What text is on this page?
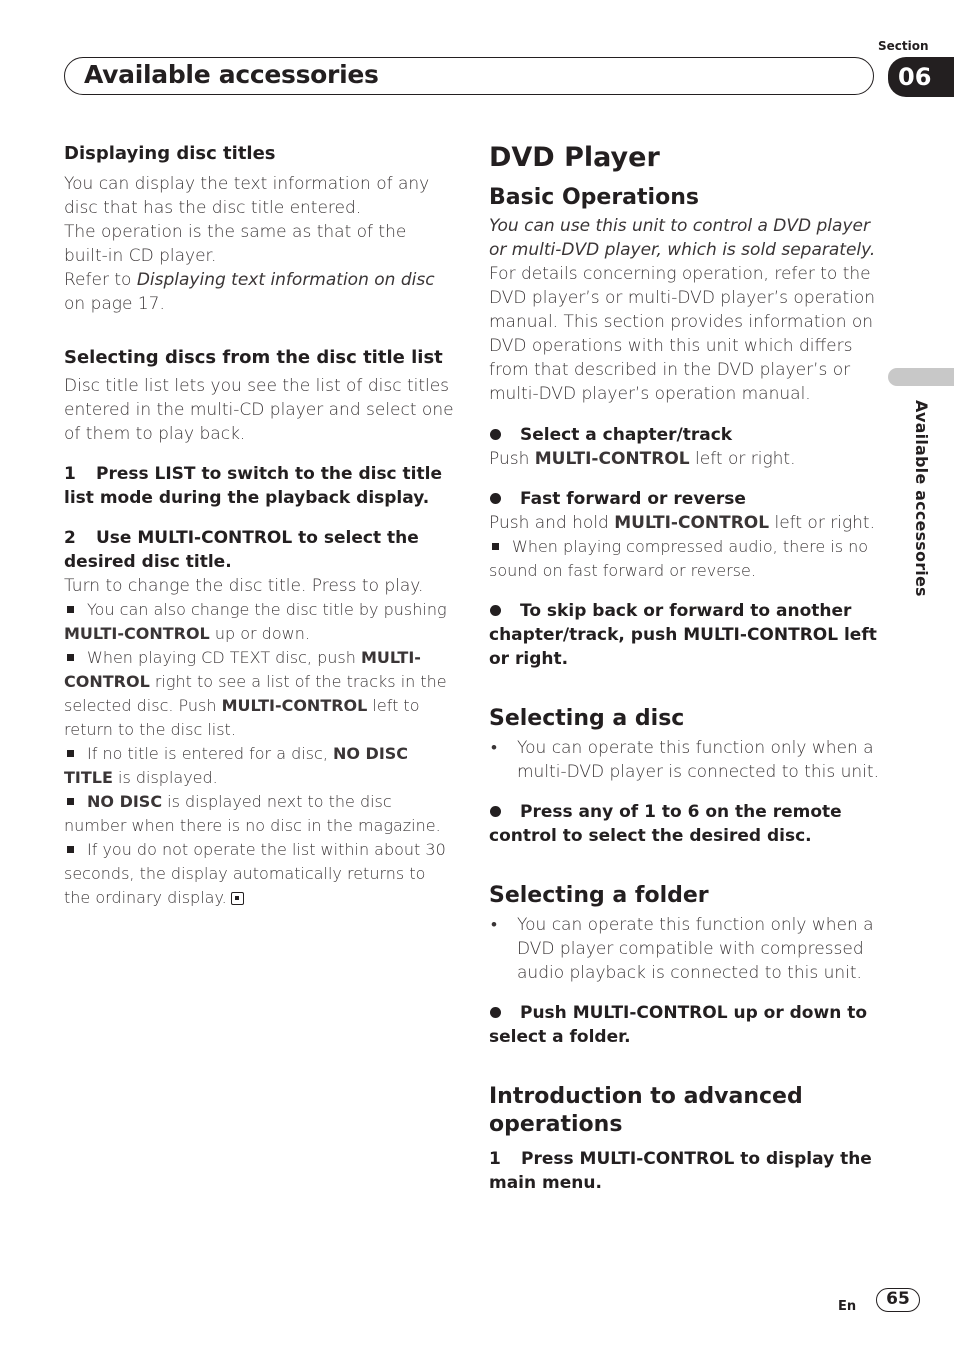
Section
Available accessories	06
Available accessories
Displaying disc titles

You can display the text information of any disc that has the disc title entered.

The operation is the same as that of the built-in CD player.

Refer to Displaying text information on disc on page 17.

Selecting discs from the disc title list

Disc title list lets you see the list of disc titles entered in the multi-CD player and select one of them to play back.

1 Press LIST to switch to the disc title list mode during the playback display.

2 Use MULTI-CONTROL to select the desired disc title.

Turn to change the disc title. Press to play.

You can also change the disc title by pushing MULTI-CONTROL up or down.

When playing CD TEXT disc, push MULTI-CONTROL right to see a list of the tracks in the selected disc. Push MULTI-CONTROL left to return to the disc list.

If no title is entered for a disc, NO DISC TITLE is displayed.

NO DISC is displayed next to the disc number when there is no disc in the magazine.

If you do not operate the list within about 30 seconds, the display automatically returns to the ordinary display.

DVD Player
Basic Operations

You can use this unit to control a DVD player or multi-DVD player, which is sold separately.

For details concerning operation, refer to the DVD player’s or multi-DVD player’s operation manual. This section provides information on DVD operations with this unit which differs from that described in the DVD player’s or multi-DVD player’s operation manual.

Select a chapter/track

Push MULTI-CONTROL left or right.

Fast forward or reverse

Push and hold MULTI-CONTROL left or right.

When playing compressed audio, there is no sound on fast forward or reverse.

To skip back or forward to another chapter/track, push MULTI-CONTROL left or right.

Selecting a disc

•	You can operate this function only when a multi-DVD player is connected to this unit.

Press any of 1 to 6 on the remote control to select the desired disc.

Selecting a folder

•	You can operate this function only when a DVD player compatible with compressed audio playback is connected to this unit.

Push MULTI-CONTROL up or down to select a folder.

Introduction to advanced operations

1 Press MULTI-CONTROL to display the main menu.

En	65
